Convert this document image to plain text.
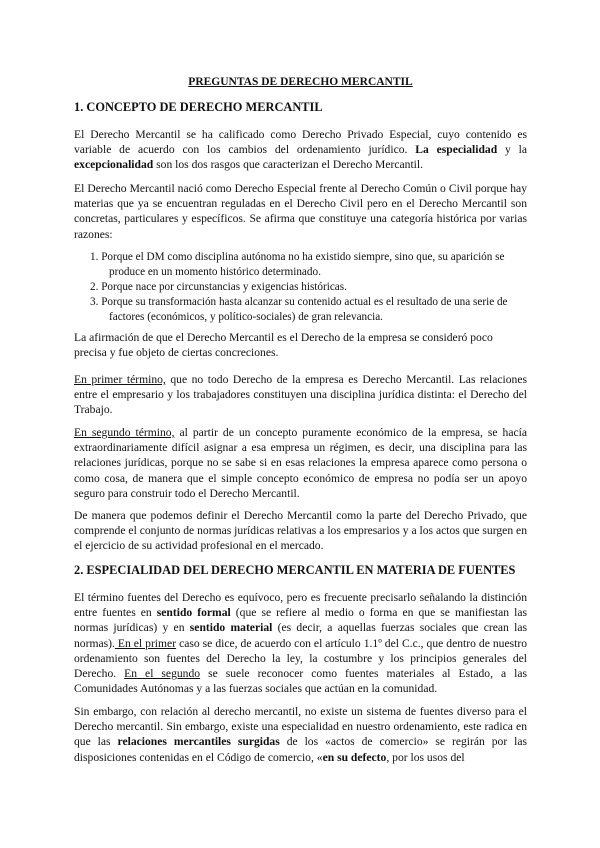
PREGUNTAS DE DERECHO MERCANTIL
1. CONCEPTO DE DERECHO MERCANTIL
El Derecho Mercantil se ha calificado como Derecho Privado Especial, cuyo contenido es variable de acuerdo con los cambios del ordenamiento jurídico. La especialidad y la excepcionalidad son los dos rasgos que caracterizan el Derecho Mercantil.
El Derecho Mercantil nació como Derecho Especial frente al Derecho Común o Civil porque hay materias que ya se encuentran reguladas en el Derecho Civil pero en el Derecho Mercantil son concretas, particulares y específicos. Se afirma que constituye una categoría histórica por varias razones:
1. Porque el DM como disciplina autónoma no ha existido siempre, sino que, su aparición se produce en un momento histórico determinado.
2. Porque nace por circunstancias y exigencias históricas.
3. Porque su transformación hasta alcanzar su contenido actual es el resultado de una serie de factores (económicos, y político-sociales) de gran relevancia.
La afirmación de que el Derecho Mercantil es el Derecho de la empresa se consideró poco precisa y fue objeto de ciertas concreciones.
En primer término, que no todo Derecho de la empresa es Derecho Mercantil. Las relaciones entre el empresario y los trabajadores constituyen una disciplina jurídica distinta: el Derecho del Trabajo.
En segundo término, al partir de un concepto puramente económico de la empresa, se hacía extraordinariamente difícil asignar a esa empresa un régimen, es decir, una disciplina para las relaciones jurídicas, porque no se sabe si en esas relaciones la empresa aparece como persona o como cosa, de manera que el simple concepto económico de empresa no podía ser un apoyo seguro para construir todo el Derecho Mercantil.
De manera que podemos definir el Derecho Mercantil como la parte del Derecho Privado, que comprende el conjunto de normas jurídicas relativas a los empresarios y a los actos que surgen en el ejercicio de su actividad profesional en el mercado.
2. ESPECIALIDAD DEL DERECHO MERCANTIL EN MATERIA DE FUENTES
El término fuentes del Derecho es equívoco, pero es frecuente precisarlo señalando la distinción entre fuentes en sentido formal (que se refiere al medio o forma en que se manifiestan las normas jurídicas) y en sentido material (es decir, a aquellas fuerzas sociales que crean las normas). En el primer caso se dice, de acuerdo con el artículo 1.1º del C.c., que dentro de nuestro ordenamiento son fuentes del Derecho la ley, la costumbre y los principios generales del Derecho. En el segundo se suele reconocer como fuentes materiales al Estado, a las Comunidades Autónomas y a las fuerzas sociales que actúan en la comunidad.
Sin embargo, con relación al derecho mercantil, no existe un sistema de fuentes diverso para el Derecho mercantil. Sin embargo, existe una especialidad en nuestro ordenamiento, este radica en que las relaciones mercantiles surgidas de los «actos de comercio» se regirán por las disposiciones contenidas en el Código de comercio, «en su defecto, por los usos del
